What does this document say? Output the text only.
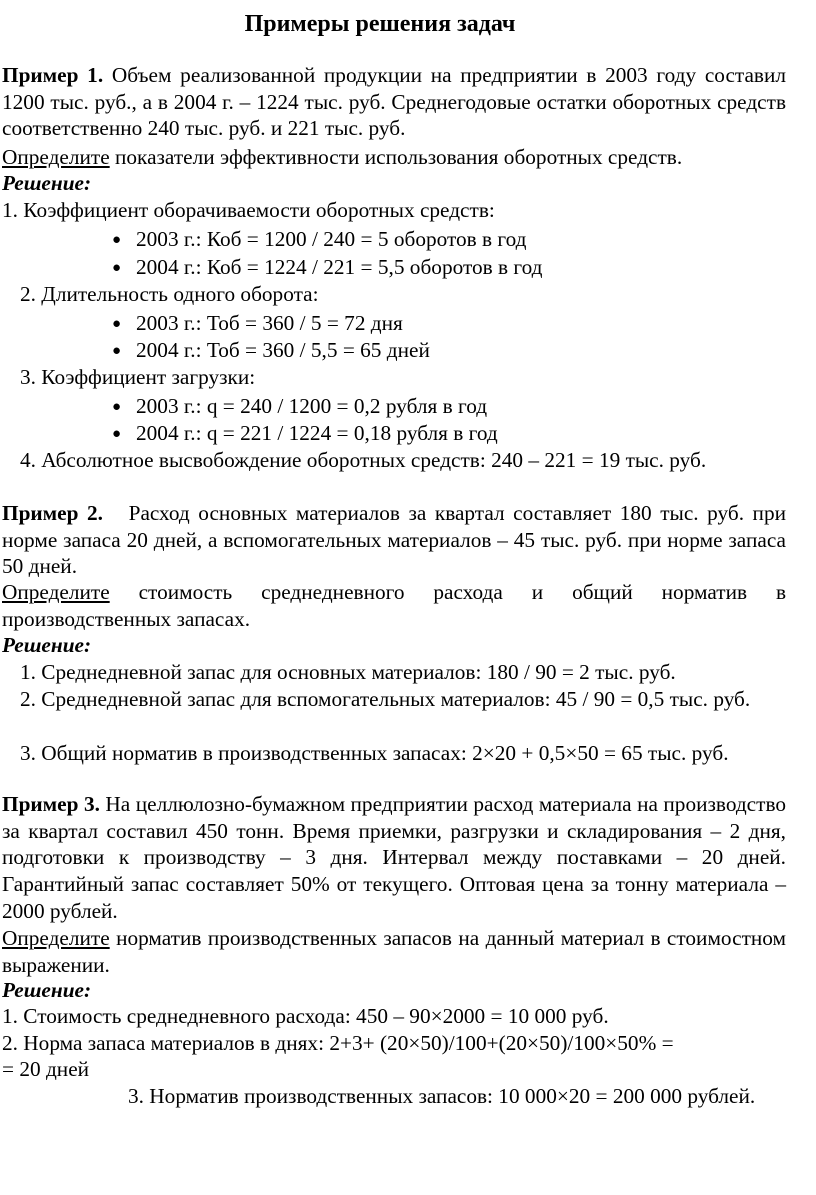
Примеры решения задач
Пример 1. Объем реализованной продукции на предприятии в 2003 году составил 1200 тыс. руб., а в 2004 г. – 1224 тыс. руб. Среднегодовые остатки оборотных средств соответственно 240 тыс. руб. и 221 тыс. руб.
Определите показатели эффективности использования оборотных средств.
Решение:
1. Коэффициент оборачиваемости оборотных средств:
● 2003 г.: Коб = 1200 / 240 = 5 оборотов в год
● 2004 г.: Коб = 1224 / 221 = 5,5 оборотов в год
2. Длительность одного оборота:
● 2003 г.: Тоб = 360 / 5 = 72 дня
● 2004 г.: Тоб = 360 / 5,5 = 65 дней
3. Коэффициент загрузки:
● 2003 г.: q = 240 / 1200 = 0,2 рубля в год
● 2004 г.: q = 221 / 1224 = 0,18 рубля в год
4. Абсолютное высвобождение оборотных средств: 240 – 221 = 19 тыс. руб.
Пример 2. Расход основных материалов за квартал составляет 180 тыс. руб. при норме запаса 20 дней, а вспомогательных материалов – 45 тыс. руб. при норме запаса 50 дней.
Определите стоимость среднедневного расхода и общий норматив в производственных запасах.
Решение:
1. Среднедневной запас для основных материалов: 180 / 90 = 2 тыс. руб.
2. Среднедневной запас для вспомогательных материалов: 45 / 90 = 0,5 тыс. руб.
3. Общий норматив в производственных запасах: 2×20 + 0,5×50 = 65 тыс. руб.
Пример 3. На целлюлозно-бумажном предприятии расход материала на производство за квартал составил 450 тонн. Время приемки, разгрузки и складирования – 2 дня, подготовки к производству – 3 дня. Интервал между поставками – 20 дней. Гарантийный запас составляет 50% от текущего. Оптовая цена за тонну материала – 2000 рублей.
Определите норматив производственных запасов на данный материал в стоимостном выражении.
Решение:
1. Стоимость среднедневного расхода: 450 – 90×2000 = 10 000 руб.
2. Норма запаса материалов в днях: 2+3+ (20×50)/100+(20×50)/100×50% =
= 20 дней
3. Норматив производственных запасов: 10 000×20 = 200 000 рублей.
